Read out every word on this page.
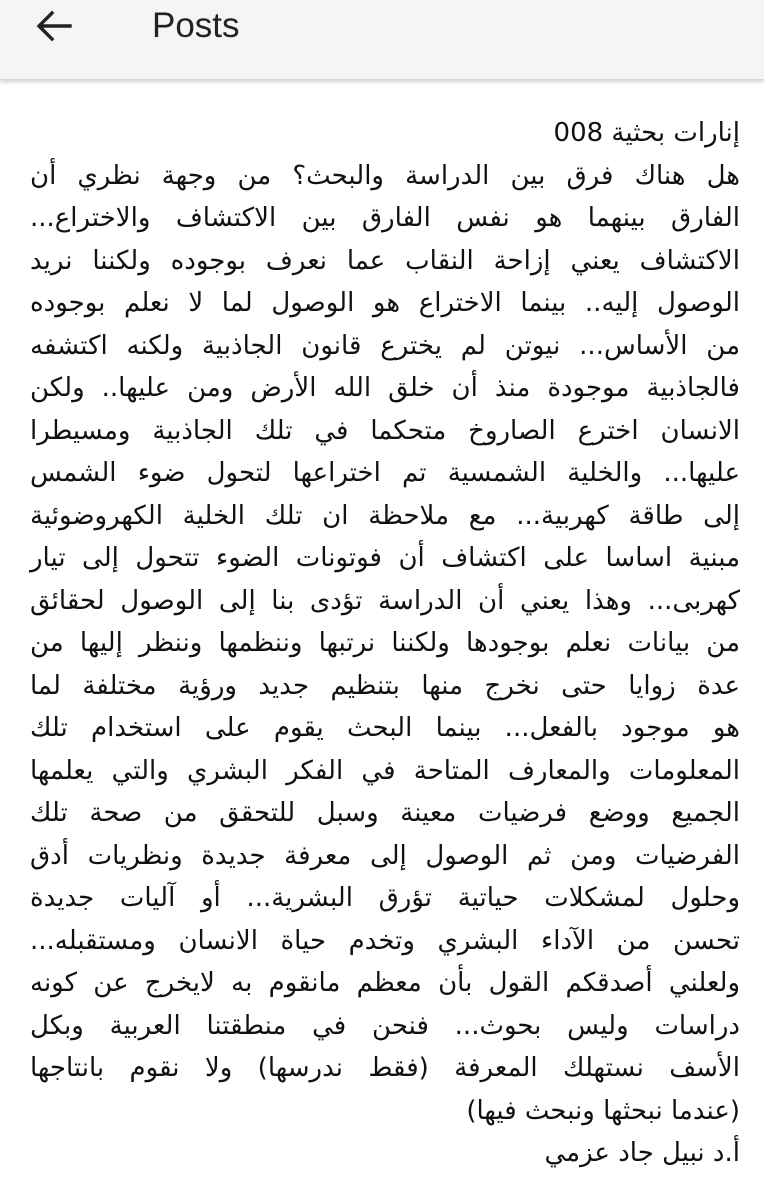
Posts
إنارات بحثية 008
هل هناك فرق بين الدراسة والبحث؟ من وجهة نظري أن
الفارق بينهما هو نفس الفارق بين الاكتشاف والاختراع...
الاكتشاف يعني إزاحة النقاب عما نعرف بوجوده ولكننا نريد
الوصول إليه.. بينما الاختراع هو الوصول لما لا نعلم بوجوده
من الأساس... نيوتن لم يخترع قانون الجاذبية ولكنه اكتشفه
فالجاذبية موجودة منذ أن خلق الله الأرض ومن عليها.. ولكن
الانسان اخترع الصاروخ متحكما في تلك الجاذبية ومسيطرا
عليها... والخلية الشمسية تم اختراعها لتحول ضوء الشمس
إلى طاقة كهربية... مع ملاحظة ان تلك الخلية الكهروضوئية
مبنية اساسا على اكتشاف أن فوتونات الضوء تتحول إلى تيار
كهربى... وهذا يعني أن الدراسة تؤدى بنا إلى الوصول لحقائق
من بيانات نعلم بوجودها ولكننا نرتبها وننظمها وننظر إليها من
عدة زوايا حتى نخرج منها بتنظيم جديد ورؤية مختلفة لما
هو موجود بالفعل... بينما البحث يقوم على استخدام تلك
المعلومات والمعارف المتاحة في الفكر البشري والتي يعلمها
الجميع ووضع فرضيات معينة وسبل للتحقق من صحة تلك
الفرضيات ومن ثم الوصول إلى معرفة جديدة ونظريات أدق
وحلول لمشكلات حياتية تؤرق البشرية... أو آليات جديدة
تحسن من الآداء البشري وتخدم حياة الانسان ومستقبله...
ولعلني أصدقكم القول بأن معظم مانقوم به لايخرج عن كونه
دراسات وليس بحوث... فنحن في منطقتنا العربية وبكل
الأسف نستهلك المعرفة (فقط ندرسها) ولا نقوم بانتاجها
(عندما نبحثها ونبحث فيها)
أ.د نبيل جاد عزمي
